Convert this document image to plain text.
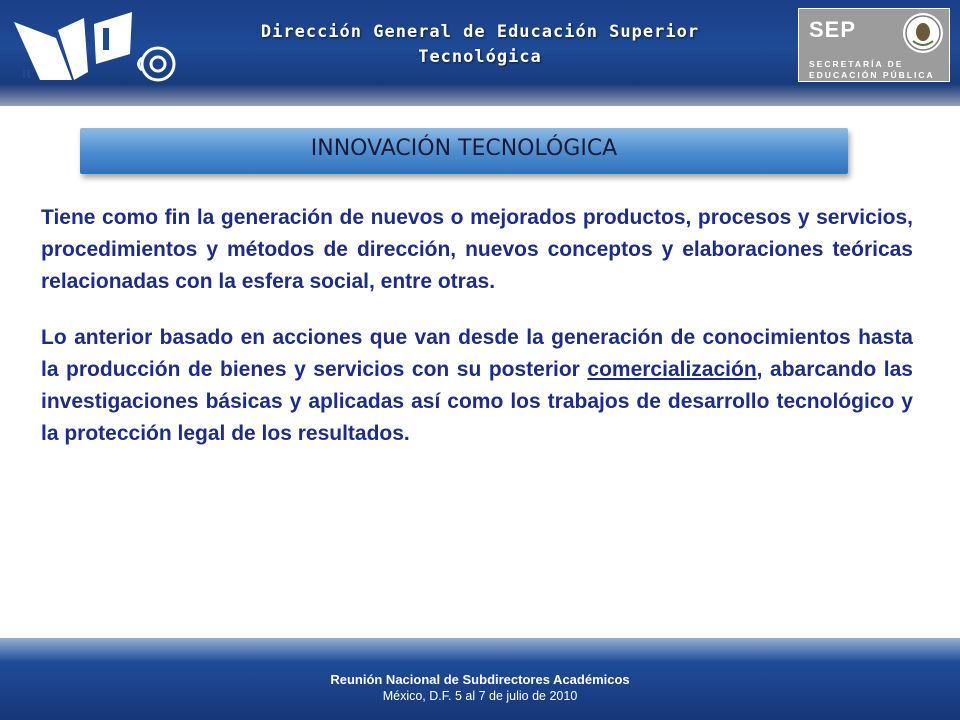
it
Dirección General de Educación Superior
Tecnológica
SEP
SECRETARÍA DE
EDUCACIÓN PÚBLICA
INNOVACIÓN TECNOLÓGICA

Tiene como fin la generación de nuevos o mejorados productos, procesos y servicios, procedimientos y métodos de dirección, nuevos conceptos y elaboraciones teóricas relacionadas con la esfera social, entre otras.

Lo anterior basado en acciones que van desde la generación de conocimientos hasta la producción de bienes y servicios con su posterior comercialización, abarcando las investigaciones básicas y aplicadas así como los trabajos de desarrollo tecnológico y la protección legal de los resultados.

Reunión Nacional de Subdirectores Académicos
México, D.F. 5 al 7 de julio de 2010
